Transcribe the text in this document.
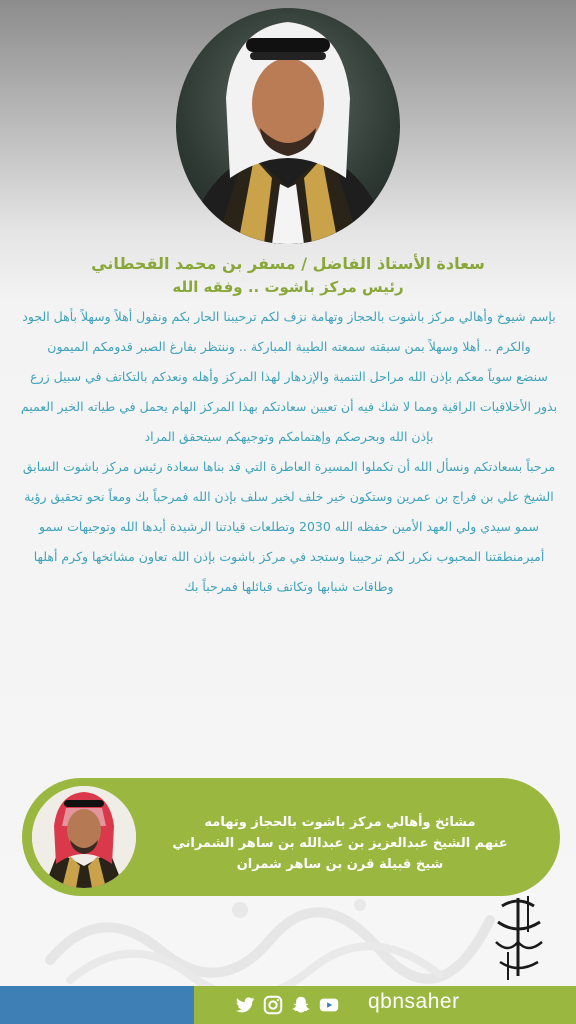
سعادة الأستاذ الفاضل / مسفر بن محمد القحطاني
رئيس مركز باشوت .. وفقه الله

بإسم شيوخ وأهالي مركز باشوت بالحجاز وتهامة نزف لكم ترحيبنا الحار بكم ونقول أهلاً وسهلاً بأهل الجود والكرم .. أهلا وسهلاً بمن سبقته سمعته الطيبة المباركة .. وننتظر بفارغ الصبر قدومكم الميمون

سنضع سوياً معكم بإذن الله مراحل التنمية والإزدهار لهذا المركز وأهله ونعدكم بالتكاتف في سبيل زرع بذور الأخلاقيات الراقية ومما لا شك فيه أن تعيين سعادتكم بهذا المركز الهام يحمل في طياته الخير العميم بإذن الله وبحرصكم وإهتمامكم وتوجيهكم سيتحقق المراد

مرحباً بسعادتكم ونسأل الله أن تكملوا المسيرة العاطرة التي قد بناها سعادة رئيس مركز باشوت السابق الشيخ علي بن فراج بن عمرين وستكون خير خلف لخير سلف بإذن الله فمرحباً بك ومعاً نحو تحقيق رؤية سمو سيدي ولي العهد الأمين حفظه الله 2030 وتطلعات قيادتنا الرشيدة أيدها الله وتوجيهات سمو أميرمنطقتنا المحبوب نكرر لكم ترحيبنا وستجد في مركز باشوت بإذن الله تعاون مشائخها وكرم أهلها وطاقات شبابها وتكاتف قبائلها فمرحباً بك

مشائخ وأهالي مركز باشوت بالحجاز وتهامه
عنهم الشيخ عبدالعزيز بن عبدالله بن ساهر الشمراني
شيخ قبيلة قرن بن ساهر شمران
qbnsaher
